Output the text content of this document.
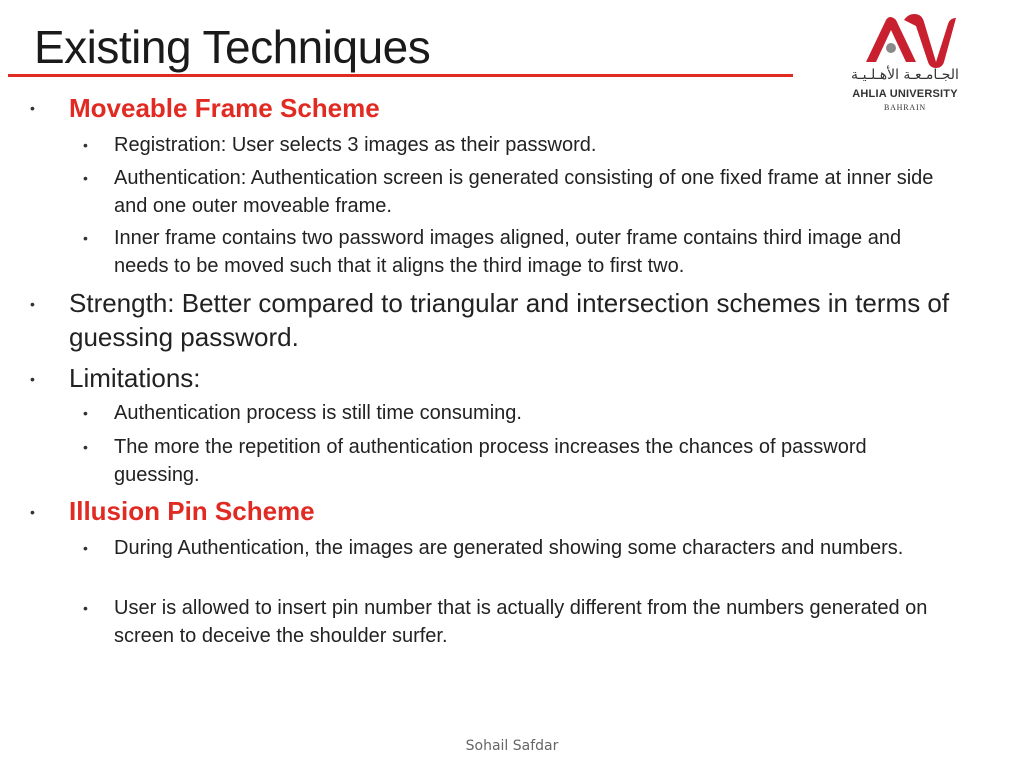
Existing Techniques
الجـامـعـة الأهـلـيـة
AHLIA UNIVERSITY
BAHRAIN
• Moveable Frame Scheme
• Registration: User selects 3 images as their password.
• Authentication: Authentication screen is generated consisting of one fixed frame at inner side and one outer moveable frame.
• Inner frame contains two password images aligned, outer frame contains third image and needs to be moved such that it aligns the third image to first two.
• Strength: Better compared to triangular and intersection schemes in terms of guessing password.
• Limitations:
• Authentication process is still time consuming.
• The more the repetition of authentication process increases the chances of password guessing.
• Illusion Pin Scheme
• During Authentication, the images are generated showing some characters and numbers.
• User is allowed to insert pin number that is actually different from the numbers generated on screen to deceive the shoulder surfer.
Sohail Safdar
